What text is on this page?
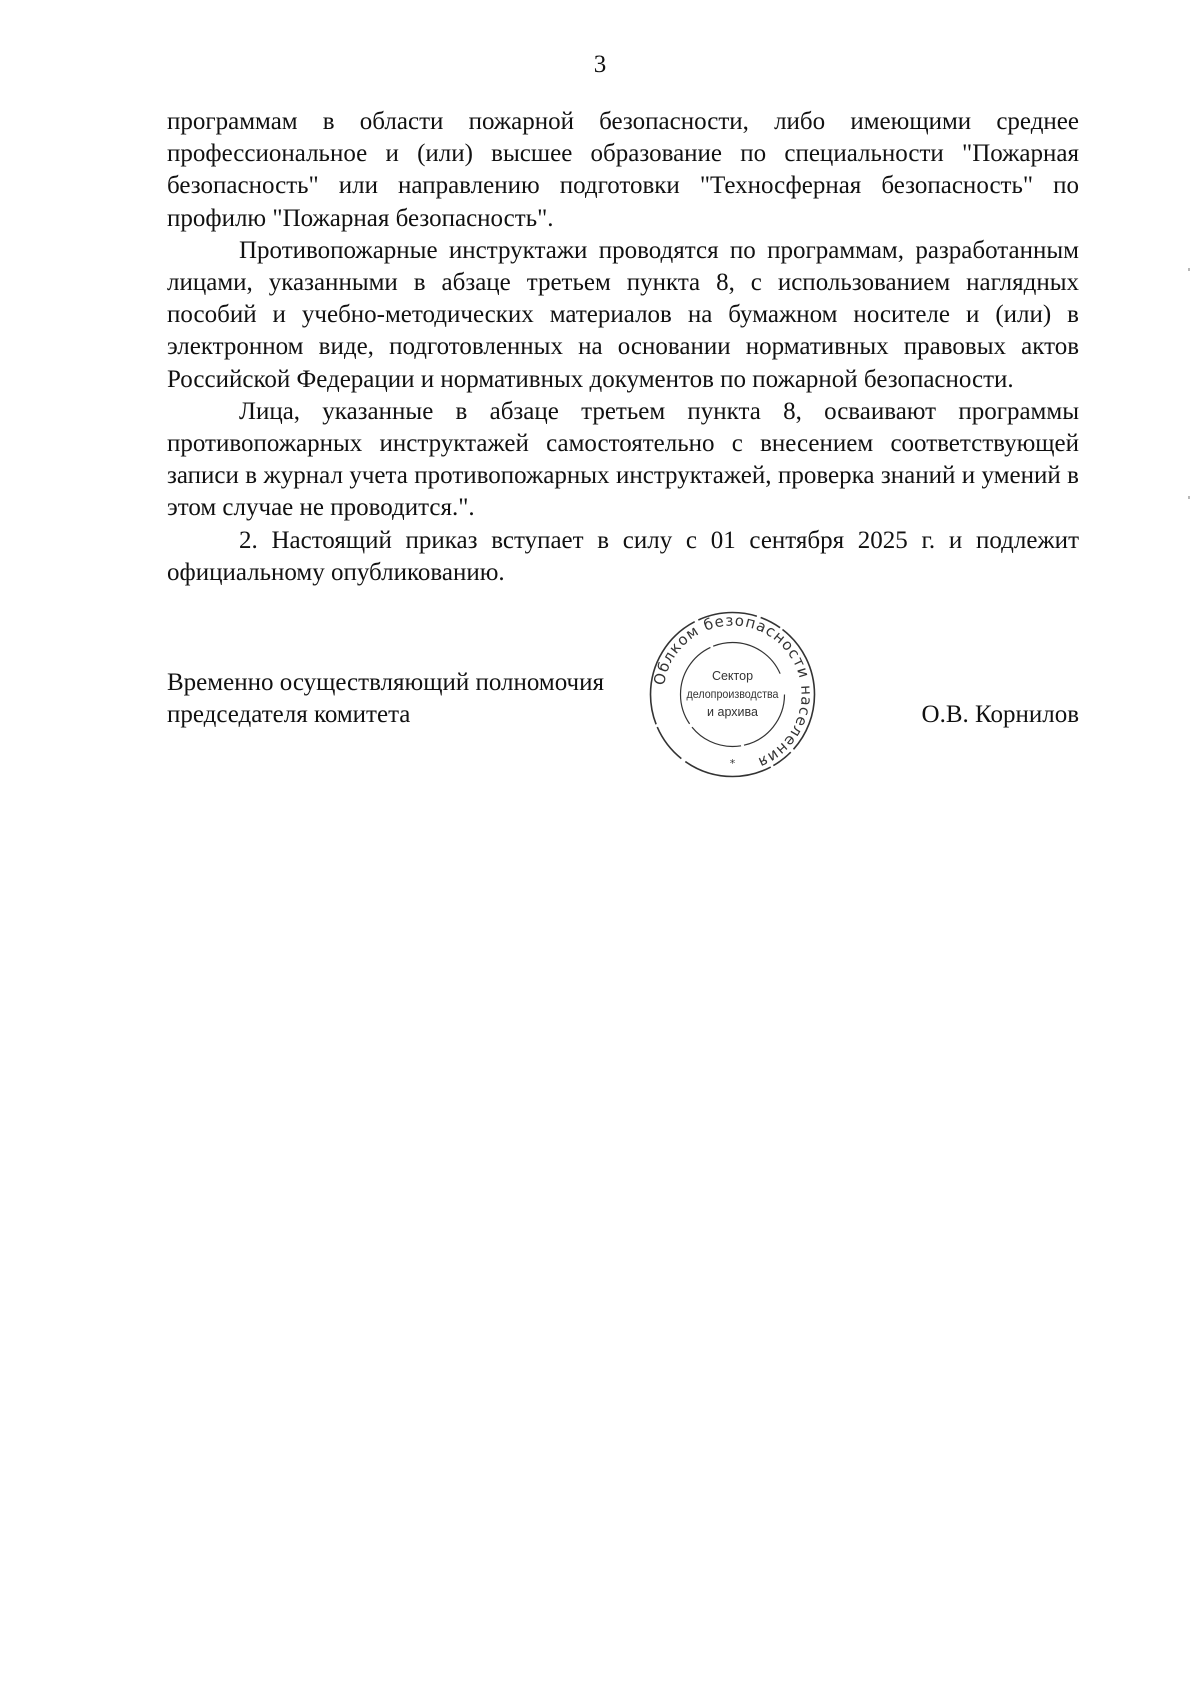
3

программам в области пожарной безопасности, либо имеющими среднее профессиональное и (или) высшее образование по специальности "Пожарная безопасность" или направлению подготовки "Техносферная безопасность" по профилю "Пожарная безопасность".

Противопожарные инструктажи проводятся по программам, разработанным лицами, указанными в абзаце третьем пункта 8, с использованием наглядных пособий и учебно-методических материалов на бумажном носителе и (или) в электронном виде, подготовленных на основании нормативных правовых актов Российской Федерации и нормативных документов по пожарной безопасности.

Лица, указанные в абзаце третьем пункта 8, осваивают программы противопожарных инструктажей самостоятельно с внесением соответствующей записи в журнал учета противопожарных инструктажей, проверка знаний и умений в этом случае не проводится.".

2. Настоящий приказ вступает в силу с 01 сентября 2025 г. и подлежит официальному опубликованию.

Временно осуществляющий полномочия
председателя комитета	О.В. Корнилов
Облком безопасности населения
Сектор
делопроизводства
и архива
*
